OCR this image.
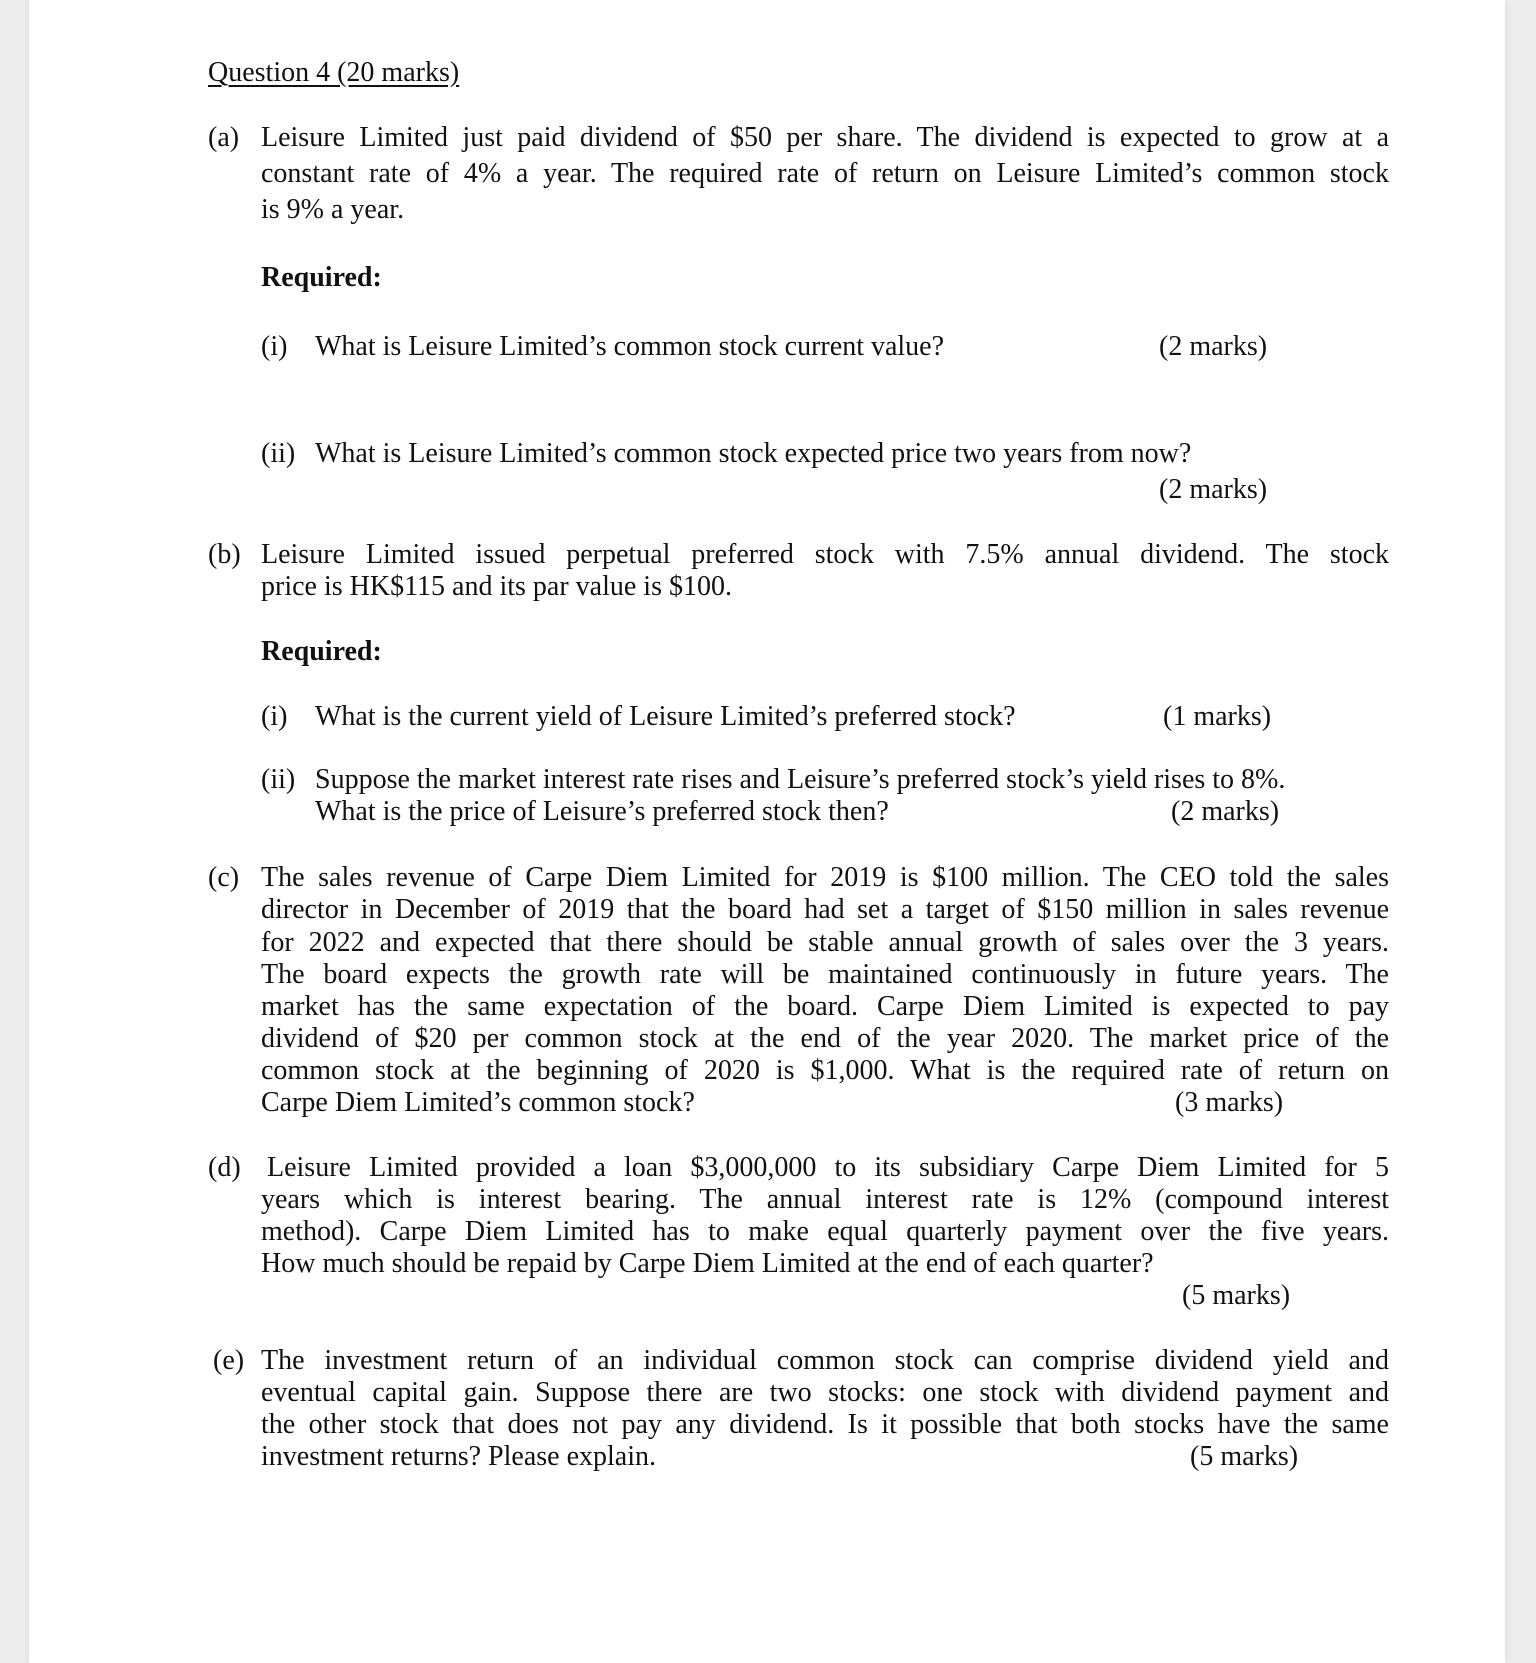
Question 4 (20 marks)
(a) Leisure Limited just paid dividend of $50 per share. The dividend is expected to grow at a
constant rate of 4% a year. The required rate of return on Leisure Limited’s common stock
is 9% a year.
Required:
(i) What is Leisure Limited’s common stock current value?	(2 marks)
(ii) What is Leisure Limited’s common stock expected price two years from now?
(2 marks)
(b) Leisure Limited issued perpetual preferred stock with 7.5% annual dividend. The stock
price is HK$115 and its par value is $100.
Required:
(i) What is the current yield of Leisure Limited’s preferred stock?	(1 marks)
(ii) Suppose the market interest rate rises and Leisure’s preferred stock’s yield rises to 8%.
What is the price of Leisure’s preferred stock then?	(2 marks)
(c) The sales revenue of Carpe Diem Limited for 2019 is $100 million. The CEO told the sales
director in December of 2019 that the board had set a target of $150 million in sales revenue
for 2022 and expected that there should be stable annual growth of sales over the 3 years.
The board expects the growth rate will be maintained continuously in future years. The
market has the same expectation of the board. Carpe Diem Limited is expected to pay
dividend of $20 per common stock at the end of the year 2020. The market price of the
common stock at the beginning of 2020 is $1,000. What is the required rate of return on
Carpe Diem Limited’s common stock?	(3 marks)
(d) Leisure Limited provided a loan $3,000,000 to its subsidiary Carpe Diem Limited for 5
years which is interest bearing. The annual interest rate is 12% (compound interest
method). Carpe Diem Limited has to make equal quarterly payment over the five years.
How much should be repaid by Carpe Diem Limited at the end of each quarter?
(5 marks)
(e) The investment return of an individual common stock can comprise dividend yield and
eventual capital gain. Suppose there are two stocks: one stock with dividend payment and
the other stock that does not pay any dividend. Is it possible that both stocks have the same
investment returns? Please explain.	(5 marks)
